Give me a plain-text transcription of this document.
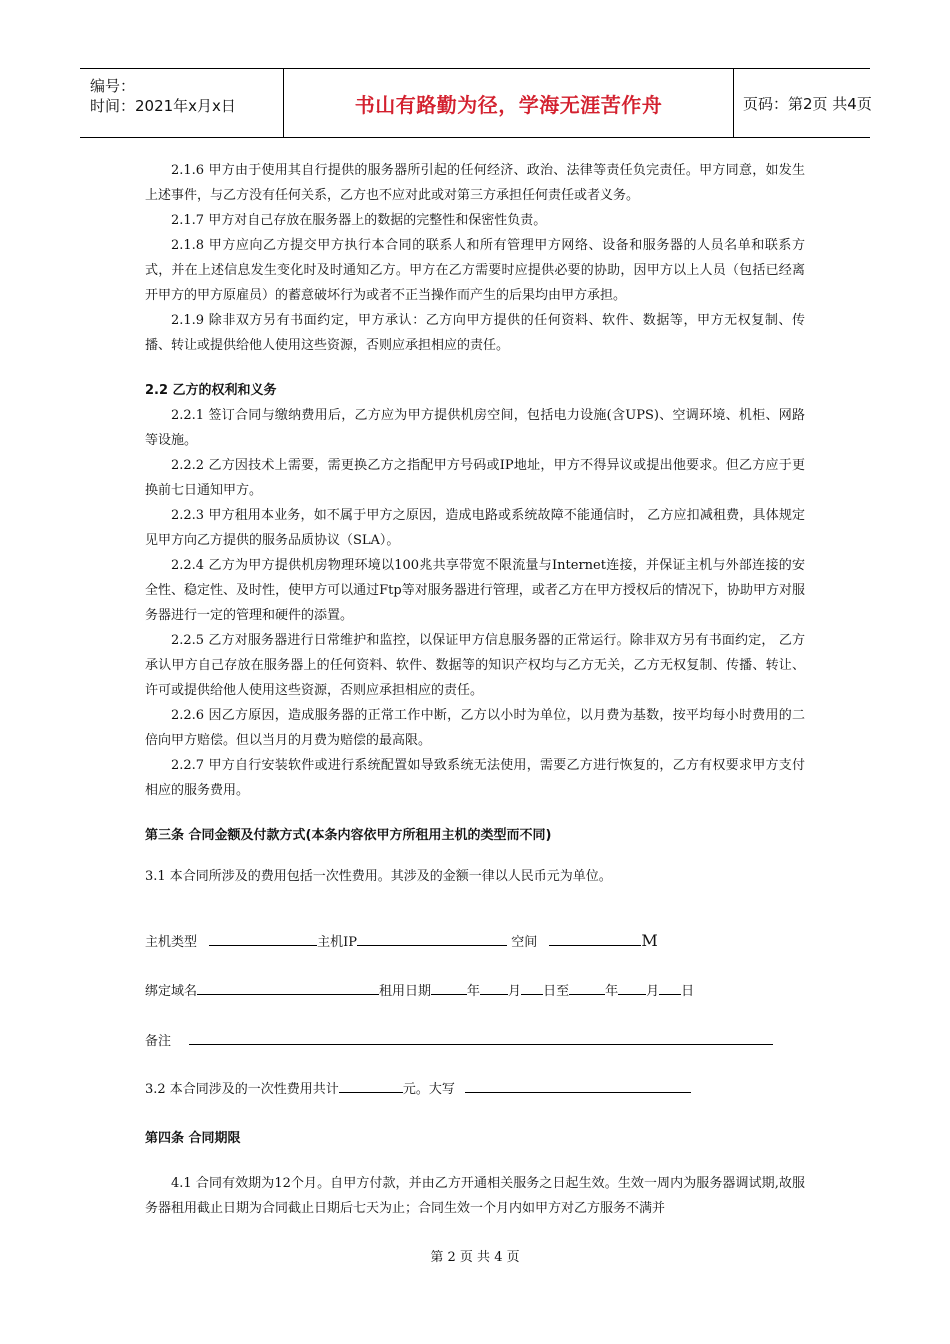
编号：
时间：2021年x月x日	书山有路勤为径，学海无涯苦作舟	页码：第2页 共4页

2.1.6 甲方由于使用其自行提供的服务器所引起的任何经济、政治、法律等责任负完责任。甲方同意，如发生上述事件，与乙方没有任何关系，乙方也不应对此或对第三方承担任何责任或者义务。

2.1.7 甲方对自己存放在服务器上的数据的完整性和保密性负责。

2.1.8 甲方应向乙方提交甲方执行本合同的联系人和所有管理甲方网络、设备和服务器的人员名单和联系方式，并在上述信息发生变化时及时通知乙方。甲方在乙方需要时应提供必要的协助，因甲方以上人员（包括已经离开甲方的甲方原雇员）的蓄意破坏行为或者不正当操作而产生的后果均由甲方承担。

2.1.9 除非双方另有书面约定，甲方承认：乙方向甲方提供的任何资料、软件、数据等，甲方无权复制、传播、转让或提供给他人使用这些资源，否则应承担相应的责任。

2.2 乙方的权利和义务

2.2.1 签订合同与缴纳费用后，乙方应为甲方提供机房空间，包括电力设施(含UPS)、空调环境、机柜、网路等设施。

2.2.2 乙方因技术上需要，需更换乙方之指配甲方号码或IP地址，甲方不得异议或提出他要求。但乙方应于更换前七日通知甲方。

2.2.3 甲方租用本业务，如不属于甲方之原因，造成电路或系统故障不能通信时， 乙方应扣减租费，具体规定见甲方向乙方提供的服务品质协议（SLA）。

2.2.4 乙方为甲方提供机房物理环境以100兆共享带宽不限流量与Internet连接，并保证主机与外部连接的安全性、稳定性、及时性，使甲方可以通过Ftp等对服务器进行管理，或者乙方在甲方授权后的情况下，协助甲方对服务器进行一定的管理和硬件的添置。

2.2.5 乙方对服务器进行日常维护和监控，以保证甲方信息服务器的正常运行。除非双方另有书面约定， 乙方承认甲方自己存放在服务器上的任何资料、软件、数据等的知识产权均与乙方无关，乙方无权复制、传播、转让、许可或提供给他人使用这些资源，否则应承担相应的责任。

2.2.6 因乙方原因，造成服务器的正常工作中断，乙方以小时为单位，以月费为基数，按平均每小时费用的二倍向甲方赔偿。但以当月的月费为赔偿的最高限。

2.2.7 甲方自行安装软件或进行系统配置如导致系统无法使用，需要乙方进行恢复的，乙方有权要求甲方支付相应的服务费用。

第三条 合同金额及付款方式(本条内容依甲方所租用主机的类型而不同)

3.1 本合同所涉及的费用包括一次性费用。其涉及的金额一律以人民币元为单位。

主机类型	主机IP	空间	M
绑定域名	租用日期	年 月 日至	年 月 日
备注
3.2 本合同涉及的一次性费用共计	元。大写

第四条 合同期限

4.1 合同有效期为12个月。自甲方付款，并由乙方开通相关服务之日起生效。生效一周内为服务器调试期,故服务器租用截止日期为合同截止日期后七天为止；合同生效一个月内如甲方对乙方服务不满并

第 2 页 共 4 页
